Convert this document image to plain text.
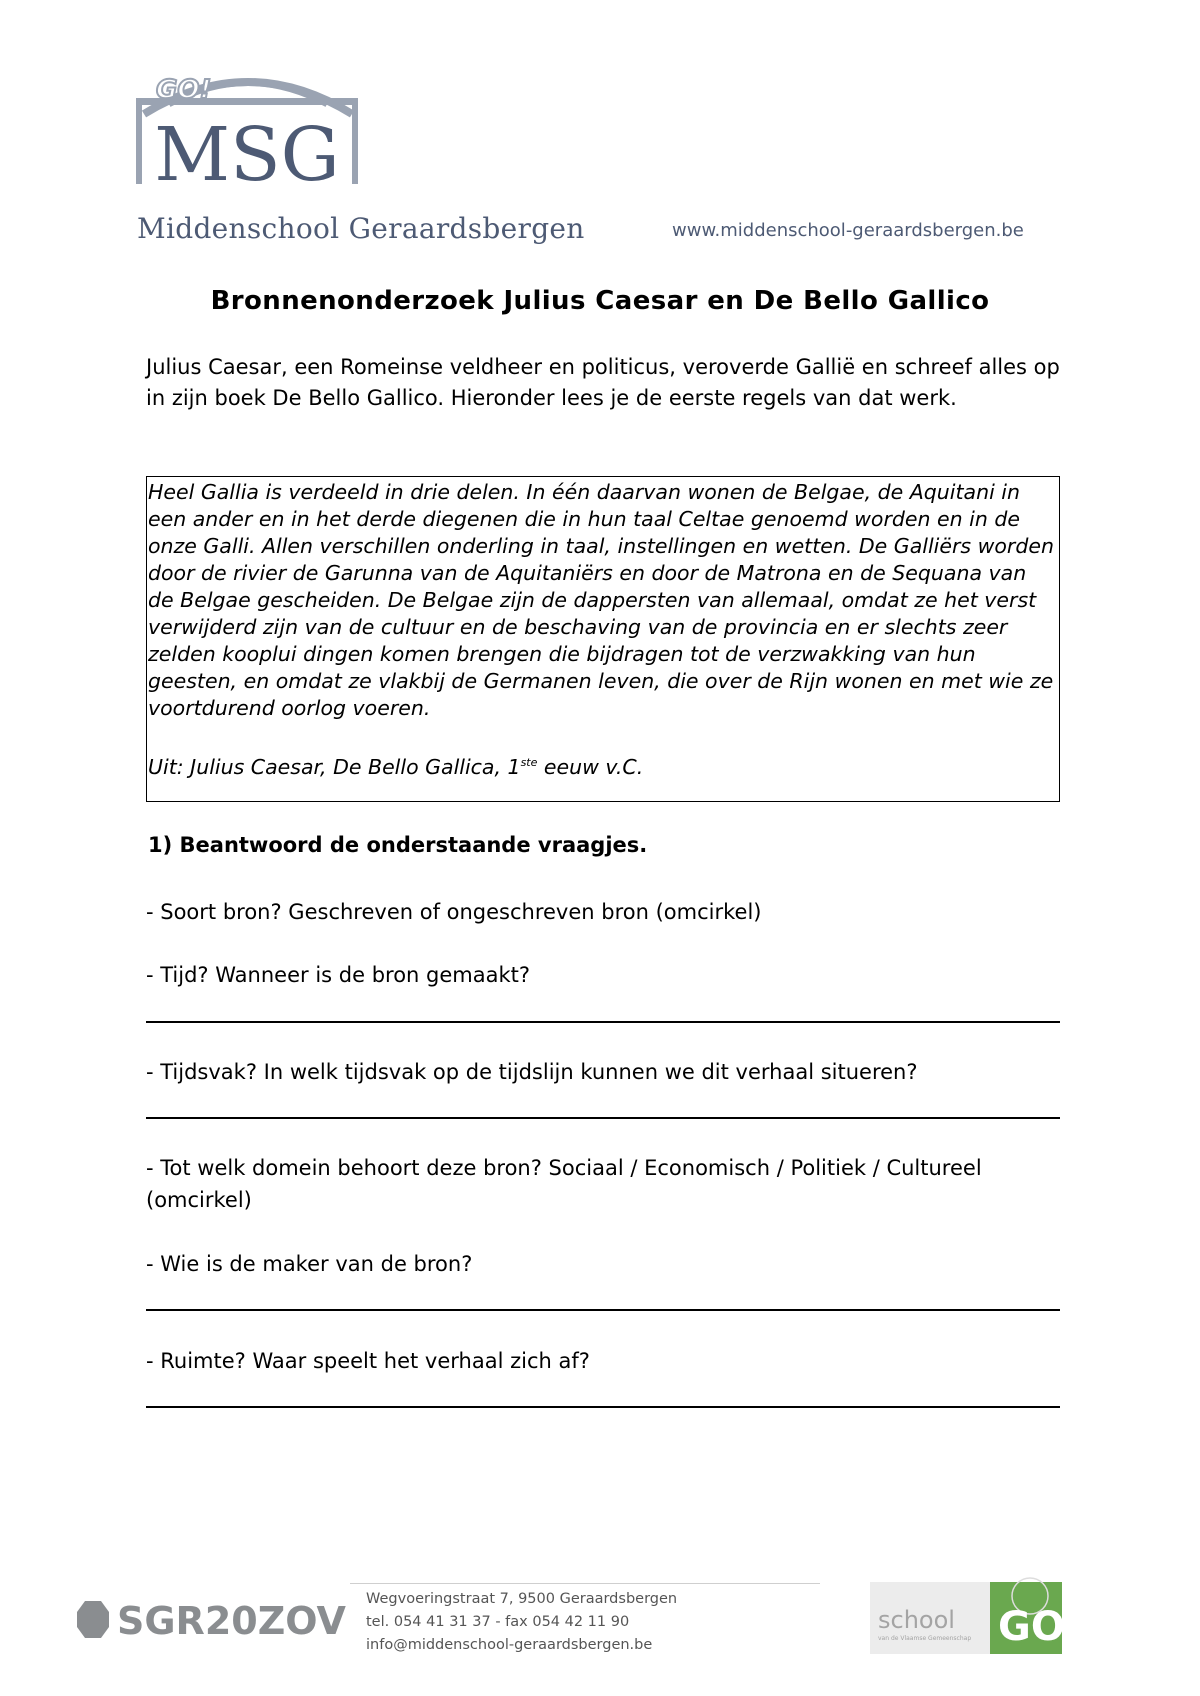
GO!
MSG
Middenschool Geraardsbergen	www.middenschool-geraardsbergen.be
Bronnenonderzoek Julius Caesar en De Bello Gallico
Julius Caesar, een Romeinse veldheer en politicus, veroverde Gallië en schreef alles op in zijn boek De Bello Gallico. Hieronder lees je de eerste regels van dat werk.

Heel Gallia is verdeeld in drie delen. In één daarvan wonen de Belgae, de Aquitani in een ander en in het derde diegenen die in hun taal Celtae genoemd worden en in de onze Galli. Allen verschillen onderling in taal, instellingen en wetten. De Galliërs worden door de rivier de Garunna van de Aquitaniërs en door de Matrona en de Sequana van de Belgae gescheiden. De Belgae zijn de dappersten van allemaal, omdat ze het verst verwijderd zijn van de cultuur en de beschaving van de provincia en er slechts zeer zelden kooplui dingen komen brengen die bijdragen tot de verzwakking van hun geesten, en omdat ze vlakbij de Germanen leven, die over de Rijn wonen en met wie ze voortdurend oorlog voeren.

Uit: Julius Caesar, De Bello Gallica, 1ste eeuw v.C.

1) Beantwoord de onderstaande vraagjes.
- Soort bron? Geschreven of ongeschreven bron (omcirkel)
- Tijd? Wanneer is de bron gemaakt?
- Tijdsvak? In welk tijdsvak op de tijdslijn kunnen we dit verhaal situeren?
- Tot welk domein behoort deze bron? Sociaal / Economisch / Politiek / Cultureel (omcirkel)
- Wie is de maker van de bron?
- Ruimte? Waar speelt het verhaal zich af?
SGR20ZOV Wegvoeringstraat 7, 9500 Geraardsbergen
tel. 054 41 31 37 - fax 054 42 11 90
info@middenschool-geraardsbergen.be
school
van de Vlaamse Gemeenschap GO!
